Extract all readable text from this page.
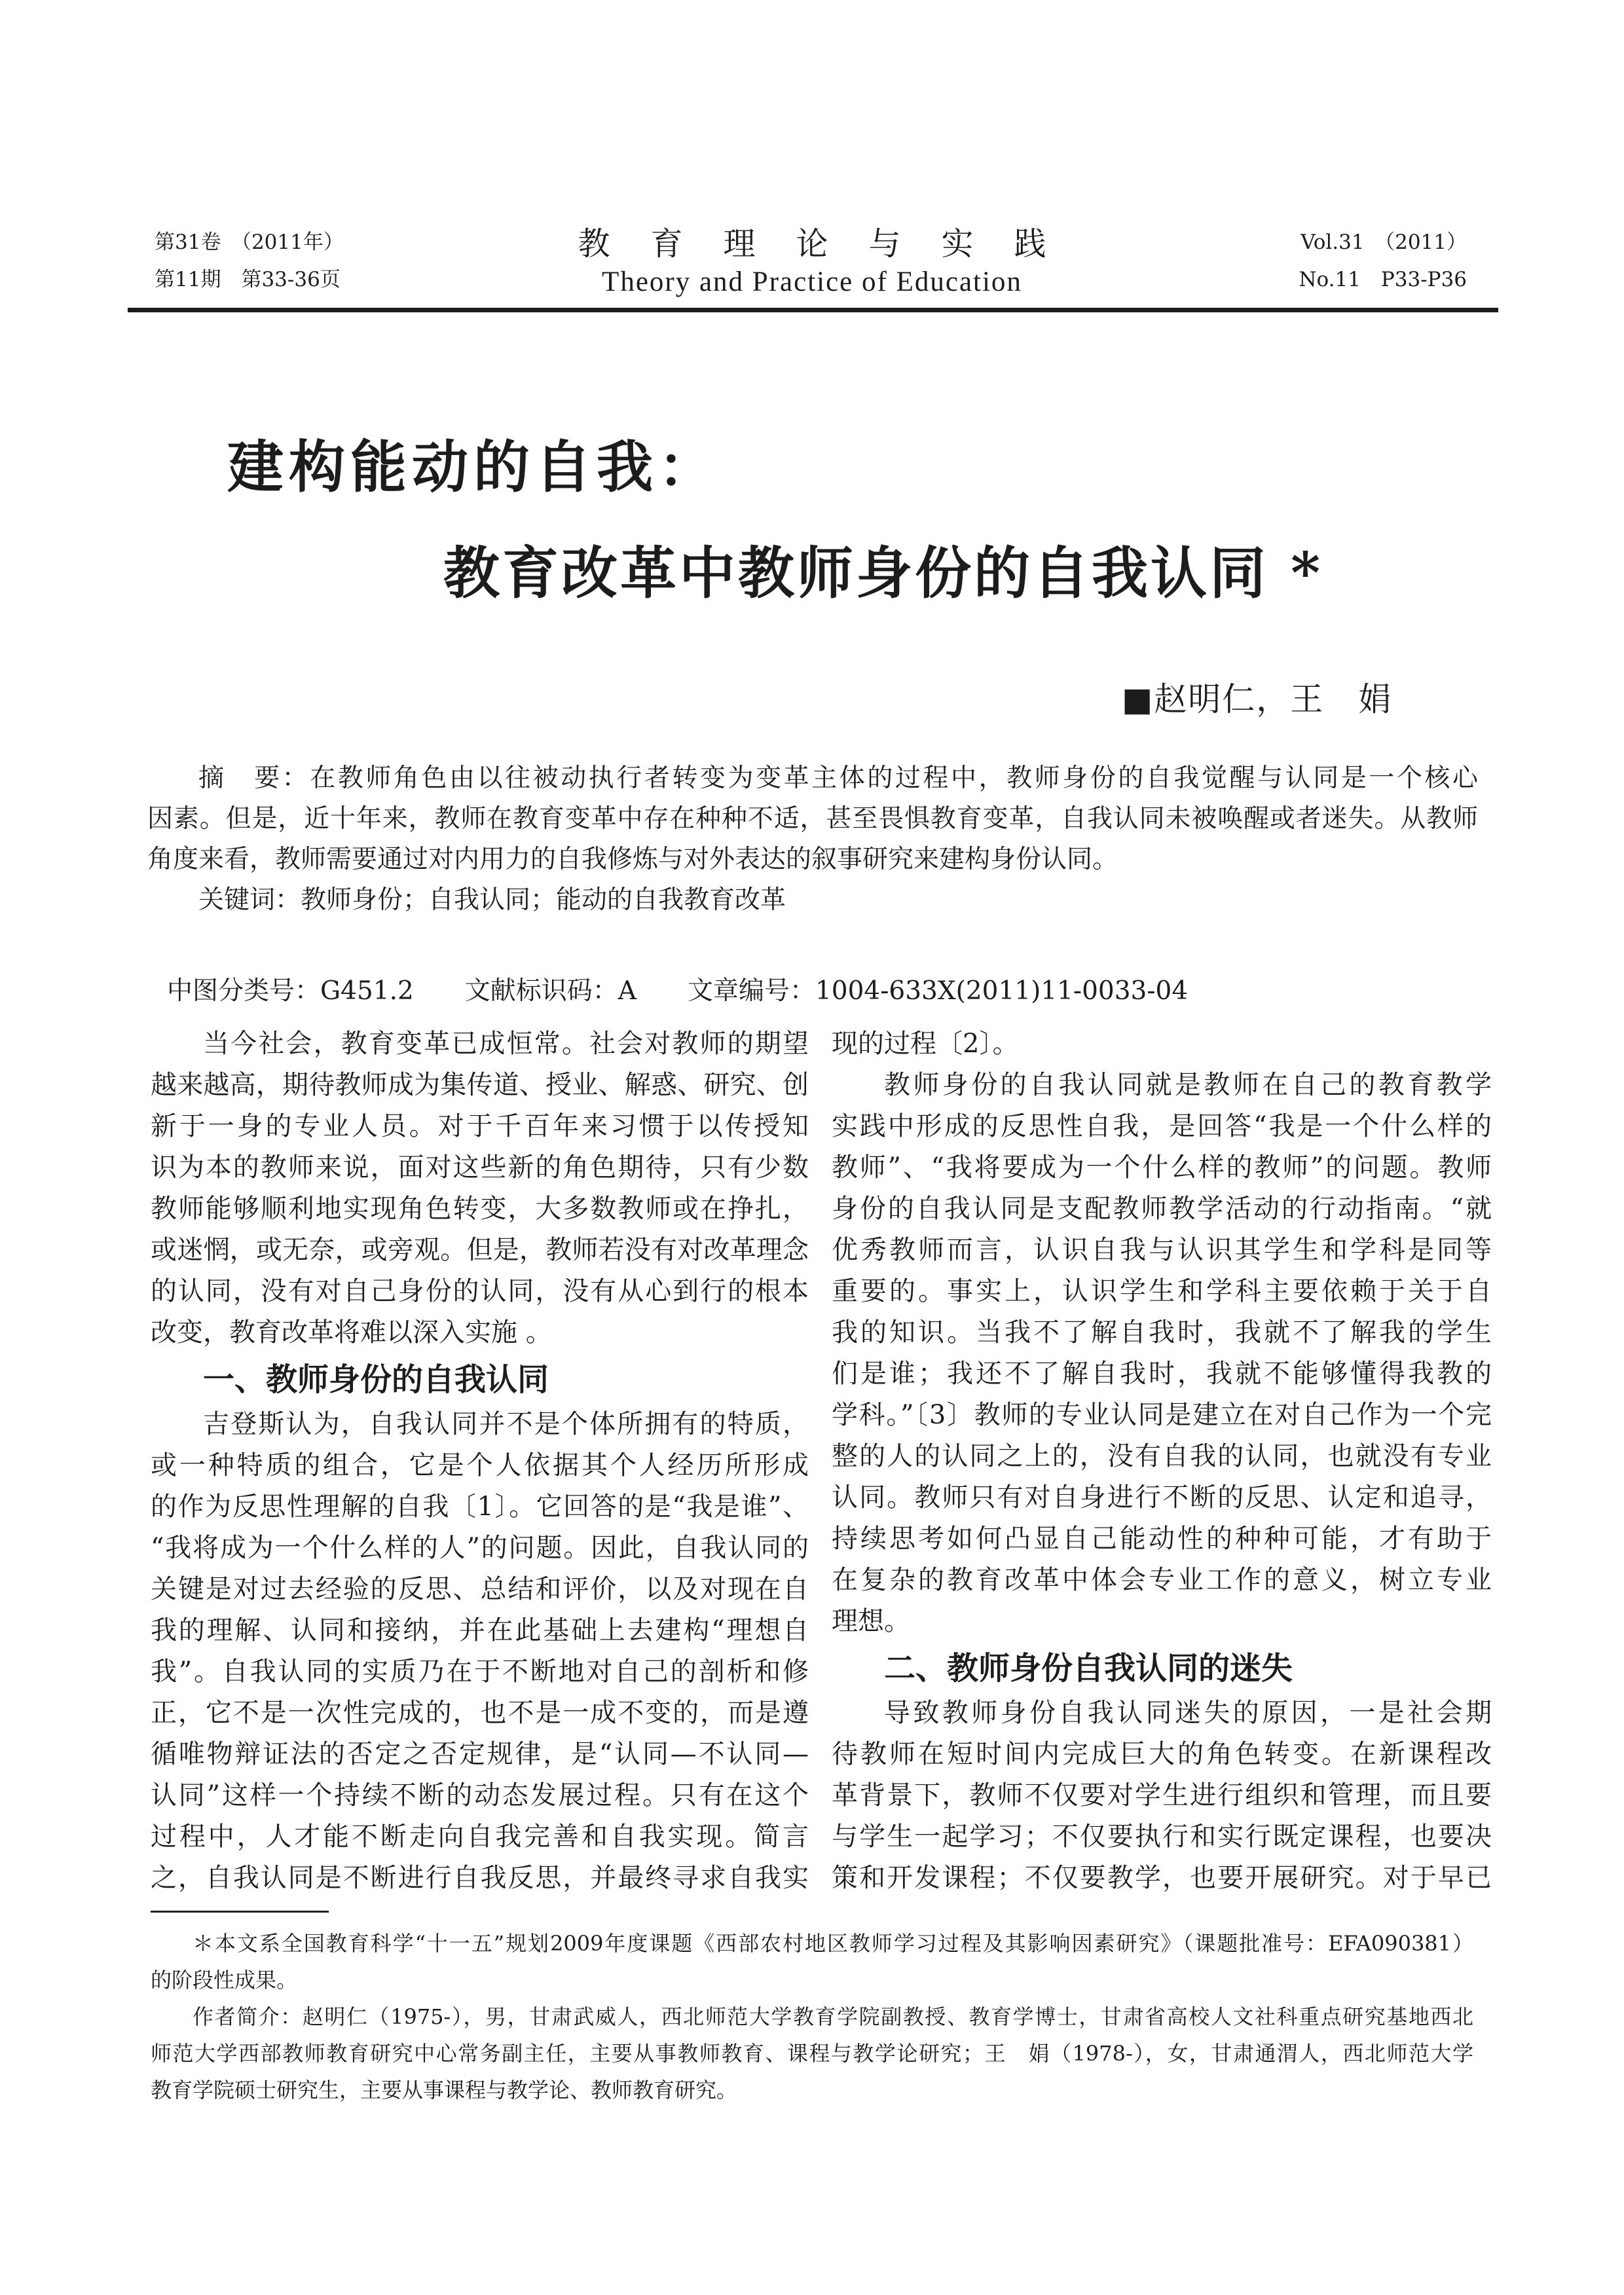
第31卷　（2011年）
第11期　第33-36页
教育理论与实践
Theory and Practice of Education
Vol.31　（2011）
No.11　P33-P36
建构能动的自我：
教育改革中教师身份的自我认同 *
■赵明仁，王　娟
摘　要：在教师角色由以往被动执行者转变为变革主体的过程中，教师身份的自我觉醒与认同是一个核心
因素。但是，近十年来，教师在教育变革中存在种种不适，甚至畏惧教育变革，自我认同未被唤醒或者迷失。从教师
角度来看，教师需要通过对内用力的自我修炼与对外表达的叙事研究来建构身份认同。
关键词：教师身份；自我认同；能动的自我教育改革
中图分类号：G451.2　　文献标识码：A　　文章编号：1004-633X(2011)11-0033-04
当今社会，教育变革已成恒常。社会对教师的期望
越来越高，期待教师成为集传道、授业、解惑、研究、创
新于一身的专业人员。对于千百年来习惯于以传授知
识为本的教师来说，面对这些新的角色期待，只有少数
教师能够顺利地实现角色转变，大多数教师或在挣扎，
或迷惘，或无奈，或旁观。但是，教师若没有对改革理念
的认同，没有对自己身份的认同，没有从心到行的根本
改变，教育改革将难以深入实施 。
一、教师身份的自我认同
吉登斯认为，自我认同并不是个体所拥有的特质，
或一种特质的组合，它是个人依据其个人经历所形成
的作为反思性理解的自我〔1〕。它回答的是“我是谁”、
“我将成为一个什么样的人”的问题。因此，自我认同的
关键是对过去经验的反思、总结和评价，以及对现在自
我的理解、认同和接纳，并在此基础上去建构“理想自
我”。自我认同的实质乃在于不断地对自己的剖析和修
正，它不是一次性完成的，也不是一成不变的，而是遵
循唯物辩证法的否定之否定规律，是“认同—不认同—
认同”这样一个持续不断的动态发展过程。只有在这个
过程中，人才能不断走向自我完善和自我实现。简言
之，自我认同是不断进行自我反思，并最终寻求自我实
现的过程〔2〕。
教师身份的自我认同就是教师在自己的教育教学
实践中形成的反思性自我，是回答“我是一个什么样的
教师”、“我将要成为一个什么样的教师”的问题。教师
身份的自我认同是支配教师教学活动的行动指南。“就
优秀教师而言，认识自我与认识其学生和学科是同等
重要的。事实上，认识学生和学科主要依赖于关于自
我的知识。当我不了解自我时，我就不了解我的学生
们是谁；我还不了解自我时，我就不能够懂得我教的
学科。”〔3〕教师的专业认同是建立在对自己作为一个完
整的人的认同之上的，没有自我的认同，也就没有专业
认同。教师只有对自身进行不断的反思、认定和追寻，
持续思考如何凸显自己能动性的种种可能，才有助于
在复杂的教育改革中体会专业工作的意义，树立专业
理想。
二、教师身份自我认同的迷失
导致教师身份自我认同迷失的原因，一是社会期
待教师在短时间内完成巨大的角色转变。在新课程改
革背景下，教师不仅要对学生进行组织和管理，而且要
与学生一起学习；不仅要执行和实行既定课程，也要决
策和开发课程；不仅要教学，也要开展研究。对于早已
＊本文系全国教育科学“十一五”规划2009年度课题《西部农村地区教师学习过程及其影响因素研究》（课题批准号：EFA090381）
的阶段性成果。
作者简介：赵明仁（1975-），男，甘肃武威人，西北师范大学教育学院副教授、教育学博士，甘肃省高校人文社科重点研究基地西北
师范大学西部教师教育研究中心常务副主任，主要从事教师教育、课程与教学论研究；王　娟（1978-），女，甘肃通渭人，西北师范大学
教育学院硕士研究生，主要从事课程与教学论、教师教育研究。
